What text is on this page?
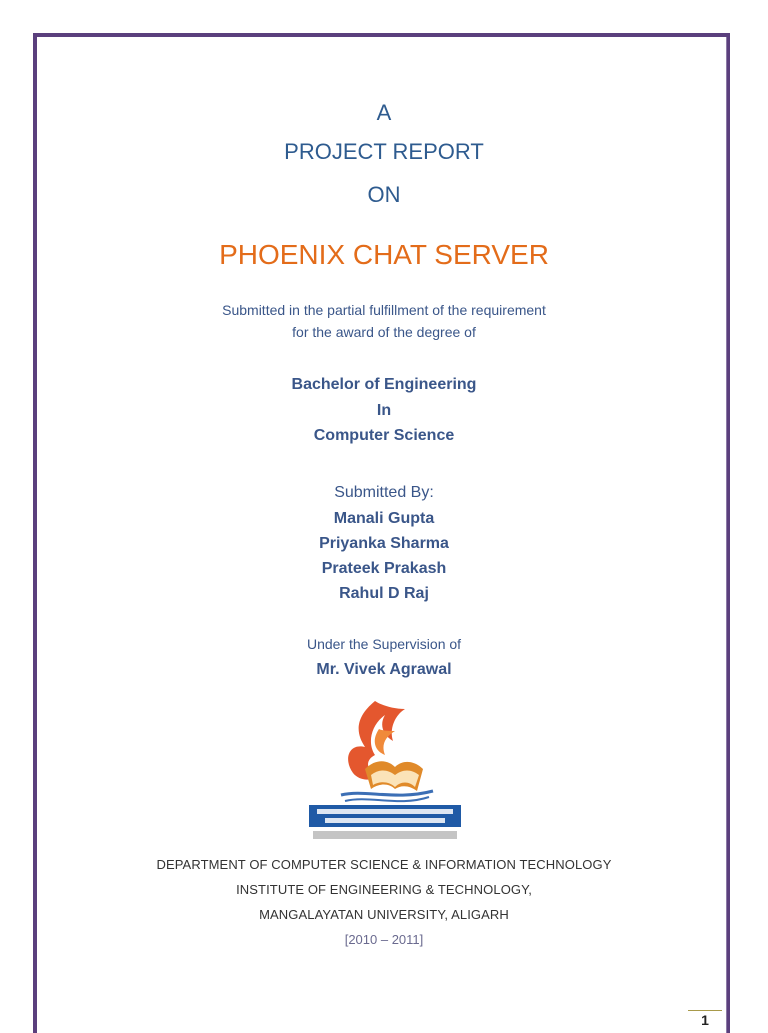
A
PROJECT REPORT
ON
PHOENIX CHAT SERVER
Submitted in the partial fulfillment of the requirement
for the award of the degree of
Bachelor of Engineering
In
Computer Science
Submitted By:
Manali Gupta
Priyanka Sharma
Prateek Prakash
Rahul D Raj
Under the Supervision of
Mr. Vivek Agrawal
DEPARTMENT OF COMPUTER SCIENCE & INFORMATION TECHNOLOGY
INSTITUTE OF ENGINEERING & TECHNOLOGY,
MANGALAYATAN UNIVERSITY, ALIGARH
[2010 – 2011]
1
